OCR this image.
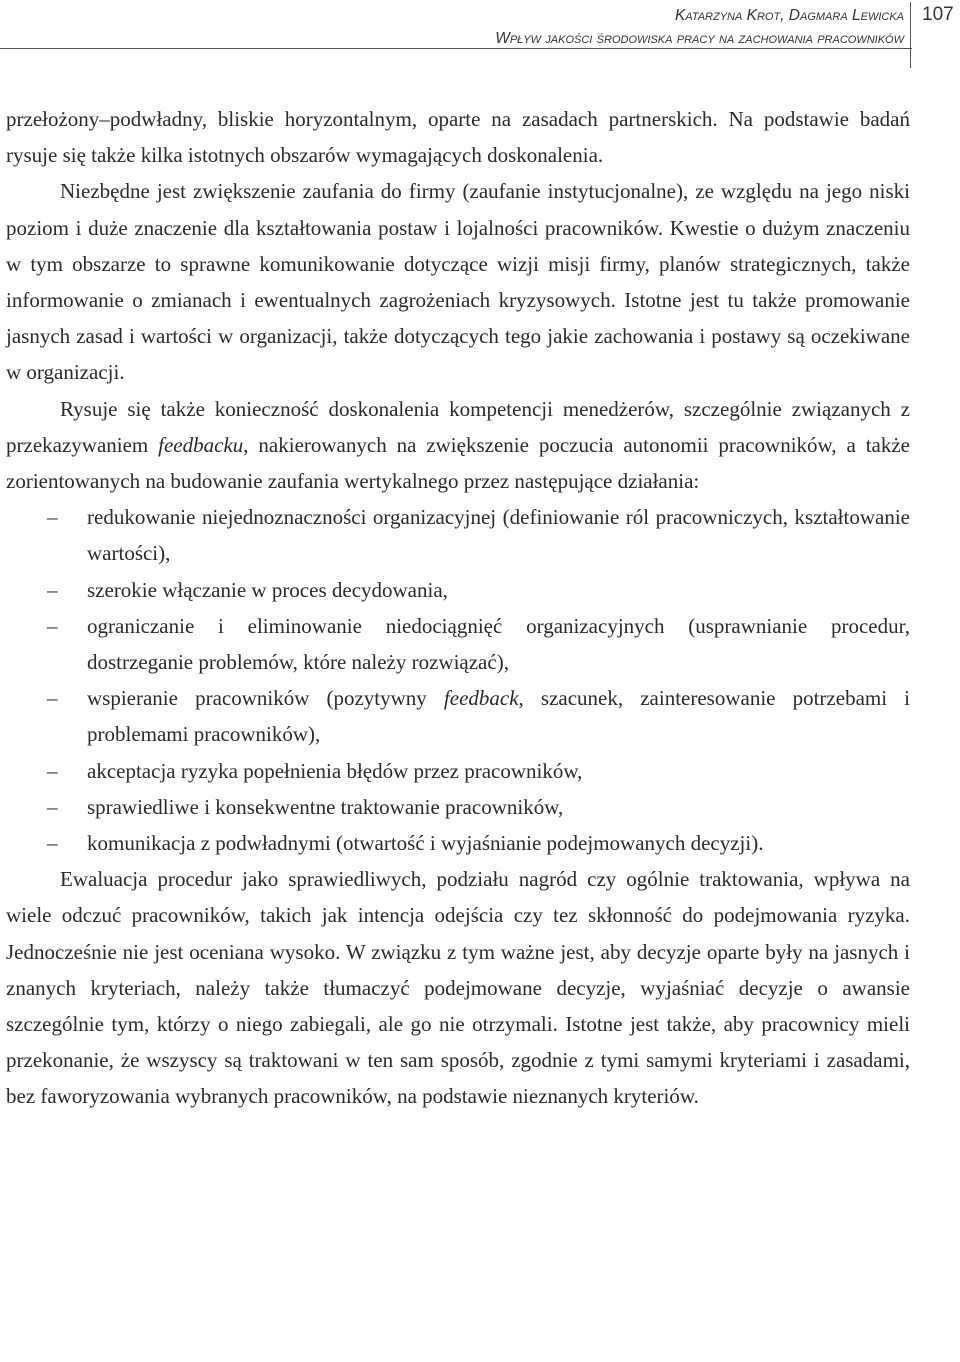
Katarzyna Krot, Dagmara Lewicka
Wpływ jakości środowiska pracy na zachowania pracowników
107

przełożony–podwładny, bliskie horyzontalnym, oparte na zasadach partnerskich. Na podstawie badań rysuje się także kilka istotnych obszarów wymagających doskonalenia.

Niezbędne jest zwiększenie zaufania do firmy (zaufanie instytucjonalne), ze względu na jego niski poziom i duże znaczenie dla kształtowania postaw i lojalności pracowników. Kwestie o dużym znaczeniu w tym obszarze to sprawne komunikowanie dotyczące wizji misji firmy, planów strategicznych, także informowanie o zmianach i ewentualnych zagrożeniach kryzysowych. Istotne jest tu także promowanie jasnych zasad i wartości w organizacji, także dotyczących tego jakie zachowania i postawy są oczekiwane w organizacji.

Rysuje się także konieczność doskonalenia kompetencji menedżerów, szczególnie związanych z przekazywaniem feedbacku, nakierowanych na zwiększenie poczucia autonomii pracowników, a także zorientowanych na budowanie zaufania wertykalnego przez następujące działania:

– redukowanie niejednoznaczności organizacyjnej (definiowanie ról pracowniczych, kształtowanie wartości),
– szerokie włączanie w proces decydowania,
– ograniczanie i eliminowanie niedociągnięć organizacyjnych (usprawnianie procedur, dostrzeganie problemów, które należy rozwiązać),
– wspieranie pracowników (pozytywny feedback, szacunek, zainteresowanie potrzebami i problemami pracowników),
– akceptacja ryzyka popełnienia błędów przez pracowników,
– sprawiedliwe i konsekwentne traktowanie pracowników,
– komunikacja z podwładnymi (otwartość i wyjaśnianie podejmowanych decyzji).

Ewaluacja procedur jako sprawiedliwych, podziału nagród czy ogólnie traktowania, wpływa na wiele odczuć pracowników, takich jak intencja odejścia czy tez skłonność do podejmowania ryzyka. Jednocześnie nie jest oceniana wysoko. W związku z tym ważne jest, aby decyzje oparte były na jasnych i znanych kryteriach, należy także tłumaczyć podejmowane decyzje, wyjaśniać decyzje o awansie szczególnie tym, którzy o niego zabiegali, ale go nie otrzymali. Istotne jest także, aby pracownicy mieli przekonanie, że wszyscy są traktowani w ten sam sposób, zgodnie z tymi samymi kryteriami i zasadami, bez faworyzowania wybranych pracowników, na podstawie nieznanych kryteriów.
